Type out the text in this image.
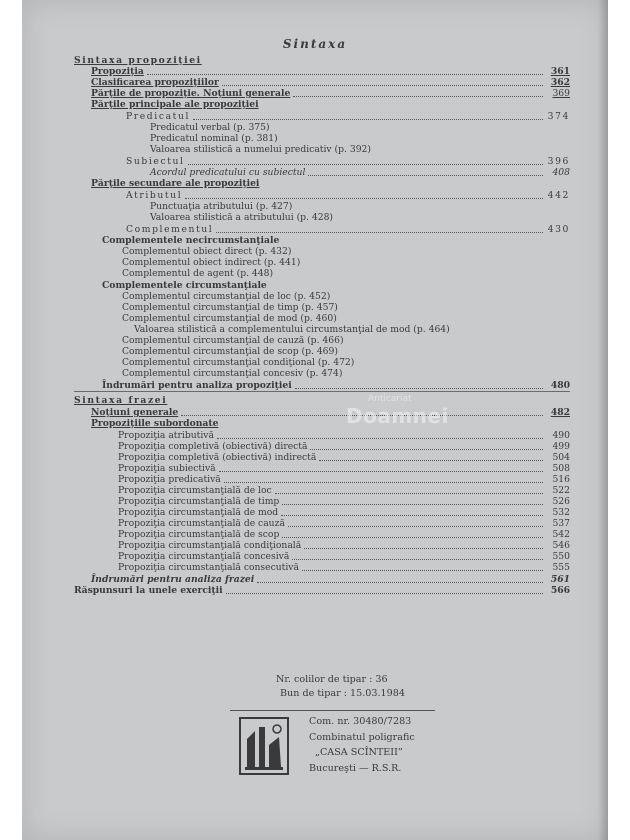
Sintaxa
Sintaxa propoziţiei
Propoziţia	361
Clasificarea propoziţiilor	362
Părţile de propoziţie. Noţiuni generale	369
Părţile principale ale propoziţiei
Predicatul	374
Predicatul verbal (p. 375)
Predicatul nominal (p. 381)
Valoarea stilistică a numelui predicativ (p. 392)
Subiectul	396
Acordul predicatului cu subiectul	408
Părţile secundare ale propoziţiei
Atributul	442
Punctuaţia atributului (p. 427)
Valoarea stilistică a atributului (p. 428)
Complementul	430
Complementele necircumstanţiale
Complementul obiect direct (p. 432)
Complementul obiect indirect (p. 441)
Complementul de agent (p. 448)
Complementele circumstanţiale
Complementul circumstanţial de loc (p. 452)
Complementul circumstanţial de timp (p. 457)
Complementul circumstanţial de mod (p. 460)
Valoarea stilistică a complementului circumstanţial de mod (p. 464)
Complementul circumstanţial de cauză (p. 466)
Complementul circumstanţial de scop (p. 469)
Complementul circumstanţial condiţional (p. 472)
Complementul circumstanţial concesiv (p. 474)
Îndrumări pentru analiza propoziţiei	480
Sintaxa frazei
Noţiuni generale	482
Propoziţiile subordonate
Propoziţia atributivă	490
Propoziţia completivă (obiectivă) directă	499
Propoziţia completivă (obiectivă) indirectă	504
Propoziţia subiectivă	508
Propoziţia predicativă	516
Propoziţia circumstanţială de loc	522
Propoziţia circumstanţială de timp	526
Propoziţia circumstanţială de mod	532
Propoziţia circumstanţială de cauză	537
Propoziţia circumstanţială de scop	542
Propoziţia circumstanţială condiţională	546
Propoziţia circumstanţială concesivă	550
Propoziţia circumstanţială consecutivă	555
Îndrumări pentru analiza frazei	561
Răspunsuri la unele exerciţii	566
Anticariat
Doamnei
Nr. colilor de tipar : 36
Bun de tipar : 15.03.1984
Com. nr. 30480/7283
Combinatul poligrafic
„CASA SCÎNTEII”
Bucureşti — R.S.R.
